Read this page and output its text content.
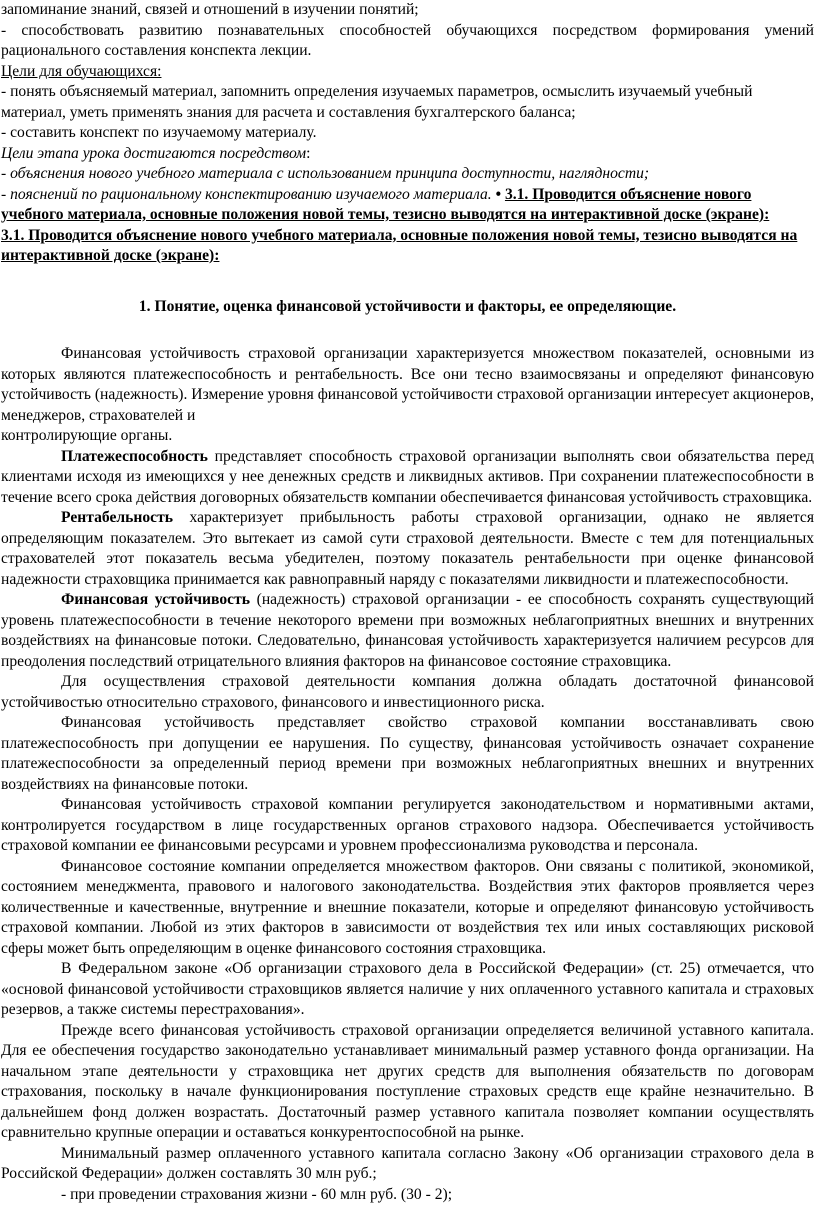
запоминание знаний, связей и отношений в изучении понятий;

- способствовать развитию познавательных способностей обучающихся посредством формирования умений рационального составления конспекта лекции.

Цели для обучающихся:

- понять объясняемый материал, запомнить определения изучаемых параметров, осмыслить изучаемый учебный материал, уметь применять знания для расчета и составления бухгалтерского баланса;

- составить конспект по изучаемому материалу.

Цели этапа урока достигаются посредством:

- объяснения нового учебного материала с использованием принципа доступности, наглядности;

- пояснений по рациональному конспектированию изучаемого материала. • 3.1. Проводится объяснение нового учебного материала, основные положения новой темы, тезисно выводятся на интерактивной доске (экране):

3.1. Проводится объяснение нового учебного материала, основные положения новой темы, тезисно выводятся на интерактивной доске (экране):

1. Понятие, оценка финансовой устойчивости и факторы, ее определяющие.

Финансовая устойчивость страховой организации характеризуется множеством показателей, основными из которых являются платежеспособность и рентабельность. Все они тесно взаимосвязаны и определяют финансовую устойчивость (надежность). Измерение уровня финансовой устойчивости страховой организации интересует акционеров, менеджеров, страхователей и

контролирующие органы.

Платежеспособность представляет способность страховой организации выполнять свои обязательства перед клиентами исходя из имеющихся у нее денежных средств и ликвидных активов. При сохранении платежеспособности в течение всего срока действия договорных обязательств компании обеспечивается финансовая устойчивость страховщика.

Рентабельность характеризует прибыльность работы страховой организации, однако не является определяющим показателем. Это вытекает из самой сути страховой деятельности. Вместе с тем для потенциальных страхователей этот показатель весьма убедителен, поэтому показатель рентабельности при оценке финансовой надежности страховщика принимается как равноправный наряду с показателями ликвидности и платежеспособности.

Финансовая устойчивость (надежность) страховой организации - ее способность сохранять существующий уровень платежеспособности в течение некоторого времени при возможных неблагоприятных внешних и внутренних воздействиях на финансовые потоки. Следовательно, финансовая устойчивость характеризуется наличием ресурсов для преодоления последствий отрицательного влияния факторов на финансовое состояние страховщика.

Для осуществления страховой деятельности компания должна обладать достаточной финансовой устойчивостью относительно страхового, финансового и инвестиционного риска.

Финансовая устойчивость представляет свойство страховой компании восстанавливать свою платежеспособность при допущении ее нарушения. По существу, финансовая устойчивость означает сохранение платежеспособности за определенный период времени при возможных неблагоприятных внешних и внутренних воздействиях на финансовые потоки.

Финансовая устойчивость страховой компании регулируется законодательством и нормативными актами, контролируется государством в лице государственных органов страхового надзора. Обеспечивается устойчивость страховой компании ее финансовыми ресурсами и уровнем профессионализма руководства и персонала.

Финансовое состояние компании определяется множеством факторов. Они связаны с политикой, экономикой, состоянием менеджмента, правового и налогового законодательства. Воздействия этих факторов проявляется через количественные и качественные, внутренние и внешние показатели, которые и определяют финансовую устойчивость страховой компании. Любой из этих факторов в зависимости от воздействия тех или иных составляющих рисковой сферы может быть определяющим в оценке финансового состояния страховщика.

В Федеральном законе «Об организации страхового дела в Российской Федерации» (ст. 25) отмечается, что «основой финансовой устойчивости страховщиков является наличие у них оплаченного уставного капитала и страховых резервов, а также системы перестрахования».

Прежде всего финансовая устойчивость страховой организации определяется величиной уставного капитала. Для ее обеспечения государство законодательно устанавливает минимальный размер уставного фонда организации. На начальном этапе деятельности у страховщика нет других средств для выполнения обязательств по договорам страхования, поскольку в начале функционирования поступление страховых средств еще крайне незначительно. В дальнейшем фонд должен возрастать. Достаточный размер уставного капитала позволяет компании осуществлять сравнительно крупные операции и оставаться конкурентоспособной на рынке.

Минимальный размер оплаченного уставного капитала согласно Закону «Об организации страхового дела в Российской Федерации» должен составлять 30 млн руб.;

- при проведении страхования жизни - 60 млн руб. (30 - 2);
